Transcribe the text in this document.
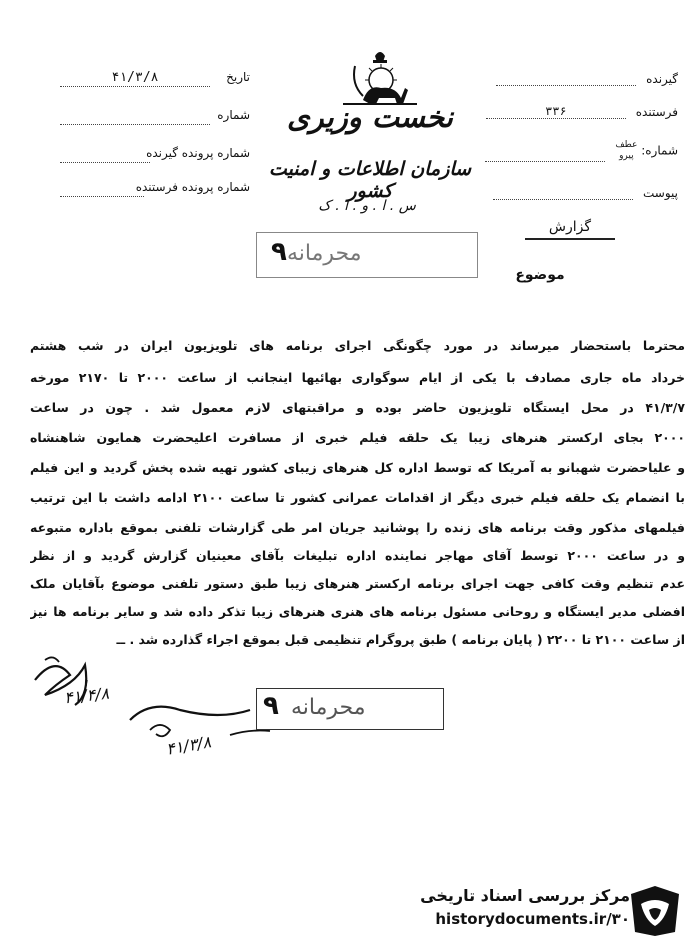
تاریخ
۴۱/۳/۸
شماره
شماره پرونده گیرنده
شماره پرونده فرستنده
نخست وزیری
سازمان اطلاعات و امنیت کشور
س . ا . و . ا . ک
محرمانه
۹
گزارش
موضوع
گیرنده
فرستنده ۳۳۶
شماره: عطف
پیرو
پیوست
محترما باستحضار میرساند در مورد چگونگی اجرای برنامه های تلویزیون ایران در شب هشتم
خرداد ماه جاری مصادف با یکی از ایام سوگواری بهائیها اینجانب از ساعت ۲۰۰۰ تا ۲۱۷۰ مورخه
۴۱/۳/۷ در محل ایستگاه تلویزیون حاضر بوده و مراقبتهای لازم معمول شد . چون در ساعت
۲۰۰۰ بجای ارکستر هنرهای زیبا یک حلقه فیلم خبری از مسافرت اعلیحضرت همایون شاهنشاه
و علیاحضرت شهبانو به آمریکا که توسط اداره کل هنرهای زیبای کشور تهیه شده پخش گردید و این فیلم
با انضمام یک حلقه فیلم خبری دیگر از اقدامات عمرانی کشور تا ساعت ۲۱۰۰ ادامه داشت با این ترتیب
فیلمهای مذکور وقت برنامه های زنده را پوشانید جریان امر طی گزارشات تلفنی بموقع باداره متبوعه
و در ساعت ۲۰۰۰ توسط آقای مهاجر نماینده اداره تبلیغات بآقای معینیان گزارش گردید و از نظر
عدم تنظیم وقت کافی جهت اجرای برنامه ارکستر هنرهای زیبا طبق دستور تلفنی موضوع بآقایان ملک
افضلی مدیر ایستگاه و روحانی مسئول برنامه های هنری هنرهای زیبا تذکر داده شد و سایر برنامه ها نیز
از ساعت ۲۱۰۰ تا ۲۲۰۰ ( پایان برنامه ) طبق پروگرام تنظیمی قبل بموقع اجراء گذارده شد . ــ
۴۱/۴/۸
۴۱/۳/۸
محرمانه
۹
مرکز بررسی اسناد تاریخی
historydocuments.ir/۳۰
